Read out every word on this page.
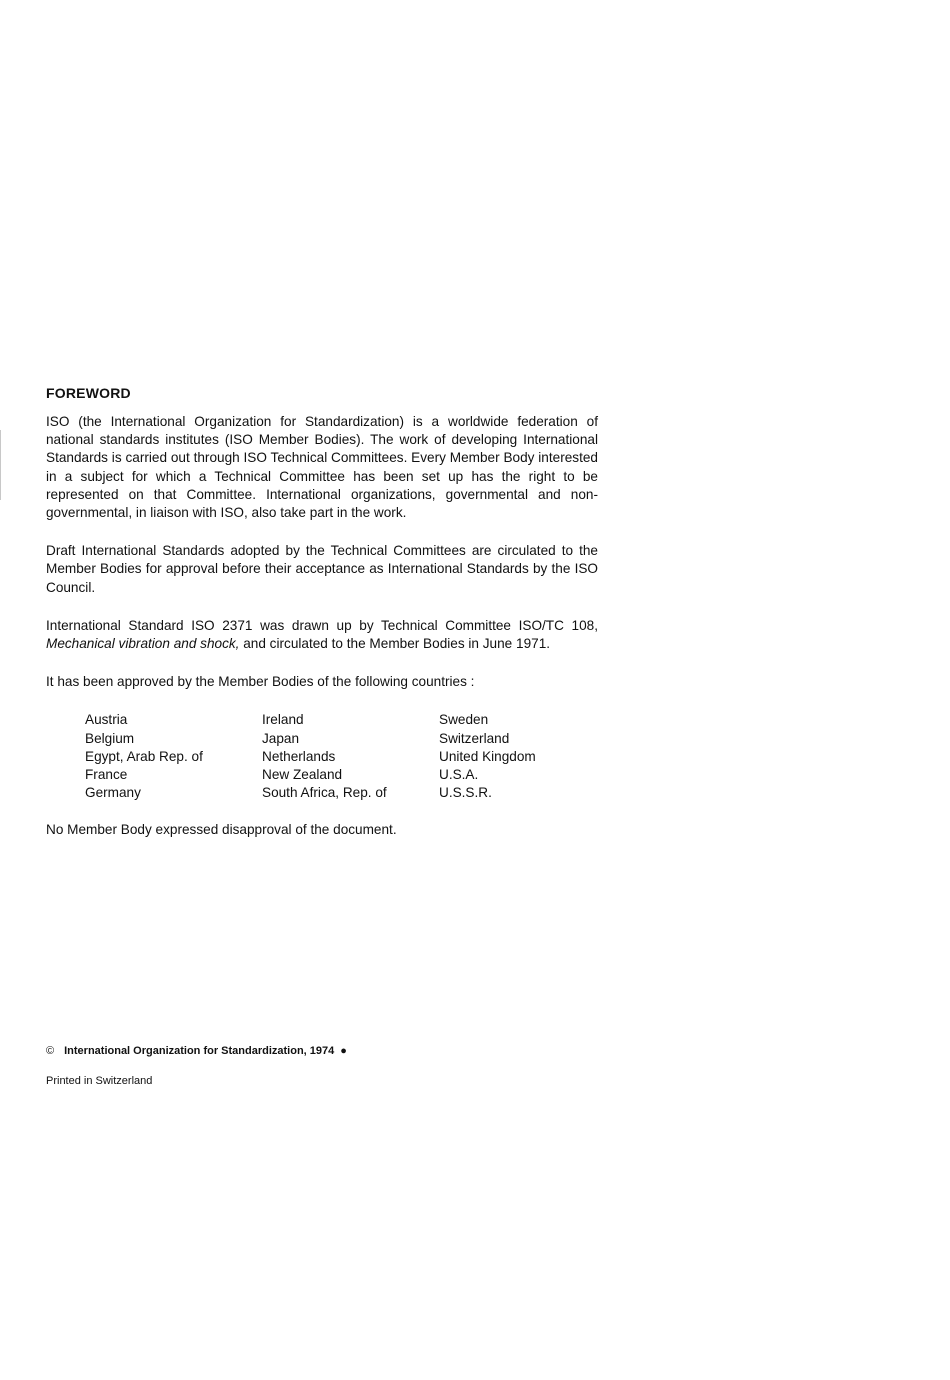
FOREWORD

ISO (the International Organization for Standardization) is a worldwide federation of national standards institutes (ISO Member Bodies). The work of developing International Standards is carried out through ISO Technical Committees. Every Member Body interested in a subject for which a Technical Committee has been set up has the right to be represented on that Committee. International organizations, governmental and non-governmental, in liaison with ISO, also take part in the work.

Draft International Standards adopted by the Technical Committees are circulated to the Member Bodies for approval before their acceptance as International Standards by the ISO Council.

International Standard ISO 2371 was drawn up by Technical Committee ISO/TC 108, Mechanical vibration and shock, and circulated to the Member Bodies in June 1971.

It has been approved by the Member Bodies of the following countries :

Austria
Belgium
Egypt, Arab Rep. of
France
Germany
Ireland
Japan
Netherlands
New Zealand
South Africa, Rep. of
Sweden
Switzerland
United Kingdom
U.S.A.
U.S.S.R.

No Member Body expressed disapproval of the document.

© International Organization for Standardization, 1974 ●
Printed in Switzerland
